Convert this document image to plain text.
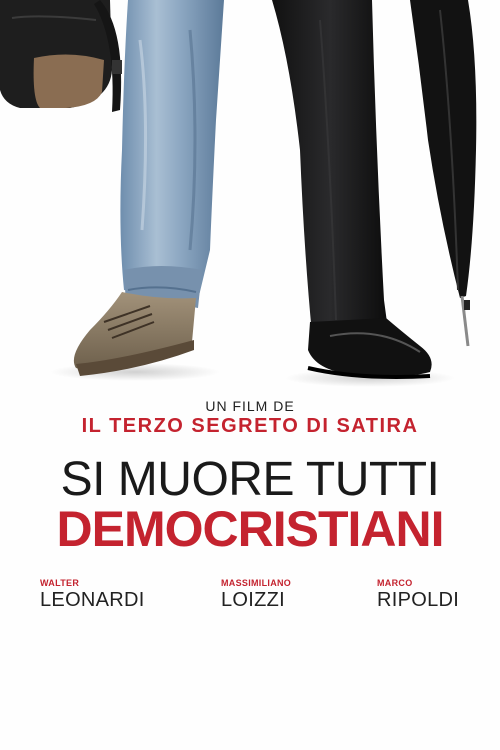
UN FILM DE
IL TERZO SEGRETO DI SATIRA
SI MUORE TUTTI
DEMOCRISTIANI
WALTER
LEONARDI
MASSIMILIANO
LOIZZI
MARCO
RIPOLDI
